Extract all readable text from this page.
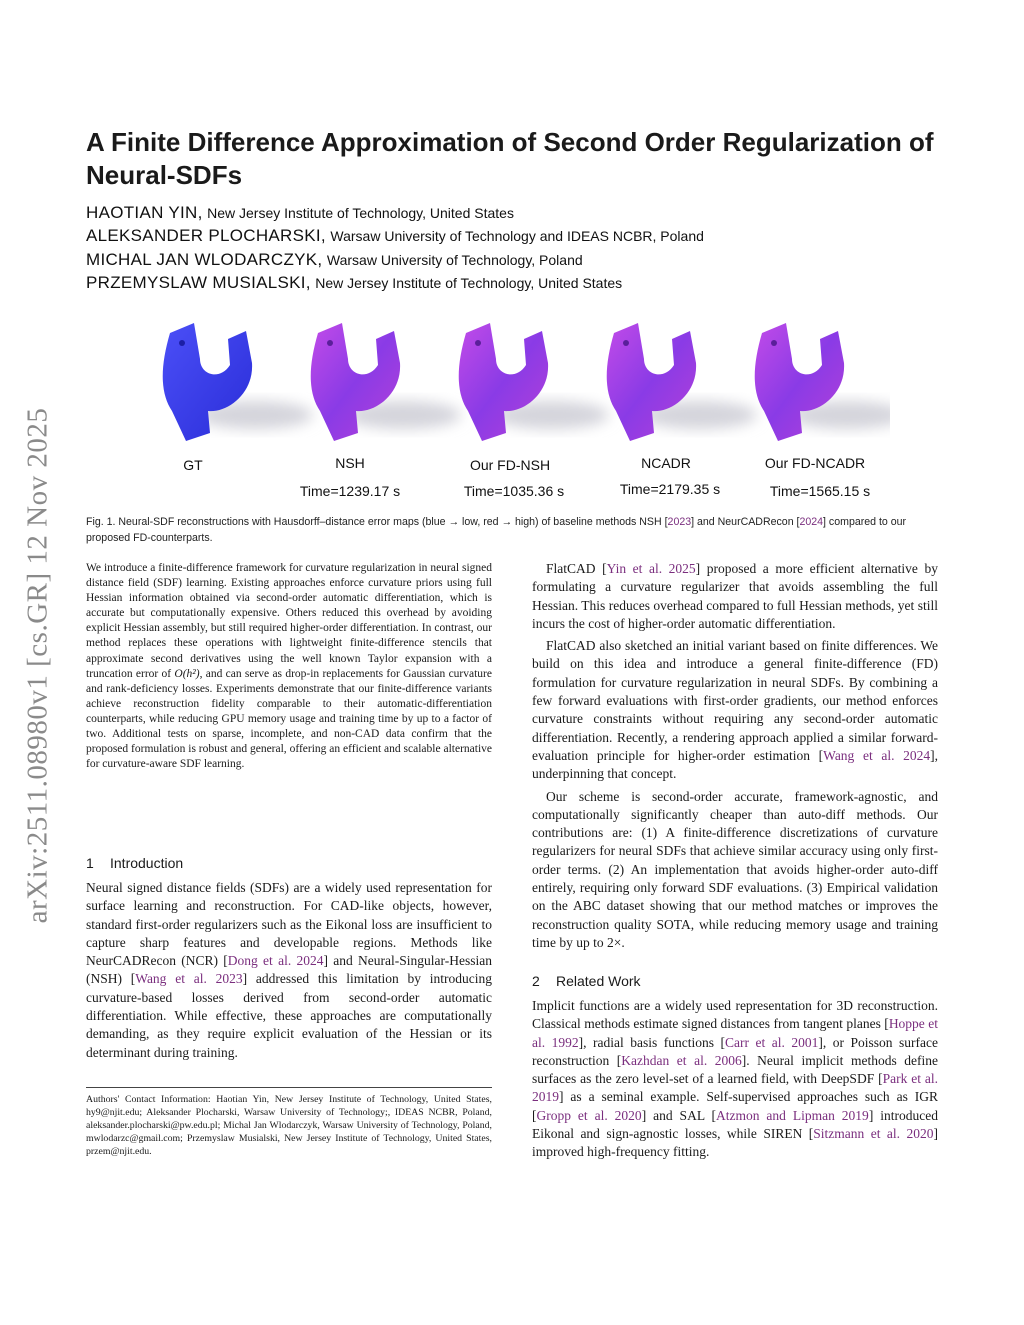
arXiv:2511.08980v1 [cs.GR] 12 Nov 2025
A Finite Difference Approximation of Second Order Regularization of Neural-SDFs
HAOTIAN YIN, New Jersey Institute of Technology, United States
ALEKSANDER PLOCHARSKI, Warsaw University of Technology and IDEAS NCBR, Poland
MICHAL JAN WLODARCZYK, Warsaw University of Technology, Poland
PRZEMYSLAW MUSIALSKI, New Jersey Institute of Technology, United States
GT	NSH
Time=1239.17 s
Our FD-NSH
Time=1035.36 s
NCADR
Time=2179.35 s
Our FD-NCADR
Time=1565.15 s
Fig. 1. Neural-SDF reconstructions with Hausdorff–distance error maps (blue → low, red → high) of baseline methods NSH [2023] and NeurCADRecon [2024] compared to our proposed FD-counterparts.
We introduce a finite-difference framework for curvature regularization in neural signed distance field (SDF) learning. Existing approaches enforce curvature priors using full Hessian information obtained via second-order automatic differentiation, which is accurate but computationally expensive. Others reduced this overhead by avoiding explicit Hessian assembly, but still required higher-order differentiation. In contrast, our method replaces these operations with lightweight finite-difference stencils that approximate second derivatives using the well known Taylor expansion with a truncation error of O(h²), and can serve as drop-in replacements for Gaussian curvature and rank-deficiency losses. Experiments demonstrate that our finite-difference variants achieve reconstruction fidelity comparable to their automatic-differentiation counterparts, while reducing GPU memory usage and training time by up to a factor of two. Additional tests on sparse, incomplete, and non-CAD data confirm that the proposed formulation is robust and general, offering an efficient and scalable alternative for curvature-aware SDF learning.
1 Introduction

Neural signed distance fields (SDFs) are a widely used representation for surface learning and reconstruction. For CAD-like objects, however, standard first-order regularizers such as the Eikonal loss are insufficient to capture sharp features and developable regions. Methods like NeurCADRecon (NCR) [Dong et al. 2024] and Neural-Singular-Hessian (NSH) [Wang et al. 2023] addressed this limitation by introducing curvature-based losses derived from second-order automatic differentiation. While effective, these approaches are computationally demanding, as they require explicit evaluation of the Hessian or its determinant during training.

Authors' Contact Information: Haotian Yin, New Jersey Institute of Technology, United States, hy9@njit.edu; Aleksander Plocharski, Warsaw University of Technology;, IDEAS NCBR, Poland, aleksander.plocharski@pw.edu.pl; Michal Jan Wlodarczyk, Warsaw University of Technology, Poland, mwlodarzc@gmail.com; Przemyslaw Musialski, New Jersey Institute of Technology, United States, przem@njit.edu.

FlatCAD [Yin et al. 2025] proposed a more efficient alternative by formulating a curvature regularizer that avoids assembling the full Hessian. This reduces overhead compared to full Hessian methods, yet still incurs the cost of higher-order automatic differentiation.

FlatCAD also sketched an initial variant based on finite differences. We build on this idea and introduce a general finite-difference (FD) formulation for curvature regularization in neural SDFs. By combining a few forward evaluations with first-order gradients, our method enforces curvature constraints without requiring any second-order automatic differentiation. Recently, a rendering approach applied a similar forward-evaluation principle for higher-order estimation [Wang et al. 2024], underpinning that concept.

Our scheme is second-order accurate, framework-agnostic, and computationally significantly cheaper than auto-diff methods. Our contributions are: (1) A finite-difference discretizations of curvature regularizers for neural SDFs that achieve similar accuracy using only first-order terms. (2) An implementation that avoids higher-order auto-diff entirely, requiring only forward SDF evaluations. (3) Empirical validation on the ABC dataset showing that our method matches or improves the reconstruction quality SOTA, while reducing memory usage and training time by up to 2×.

2 Related Work

Implicit functions are a widely used representation for 3D reconstruction. Classical methods estimate signed distances from tangent planes [Hoppe et al. 1992], radial basis functions [Carr et al. 2001], or Poisson surface reconstruction [Kazhdan et al. 2006]. Neural implicit methods define surfaces as the zero level-set of a learned field, with DeepSDF [Park et al. 2019] as a seminal example. Self-supervised approaches such as IGR [Gropp et al. 2020] and SAL [Atzmon and Lipman 2019] introduced Eikonal and sign-agnostic losses, while SIREN [Sitzmann et al. 2020] improved high-frequency fitting.
